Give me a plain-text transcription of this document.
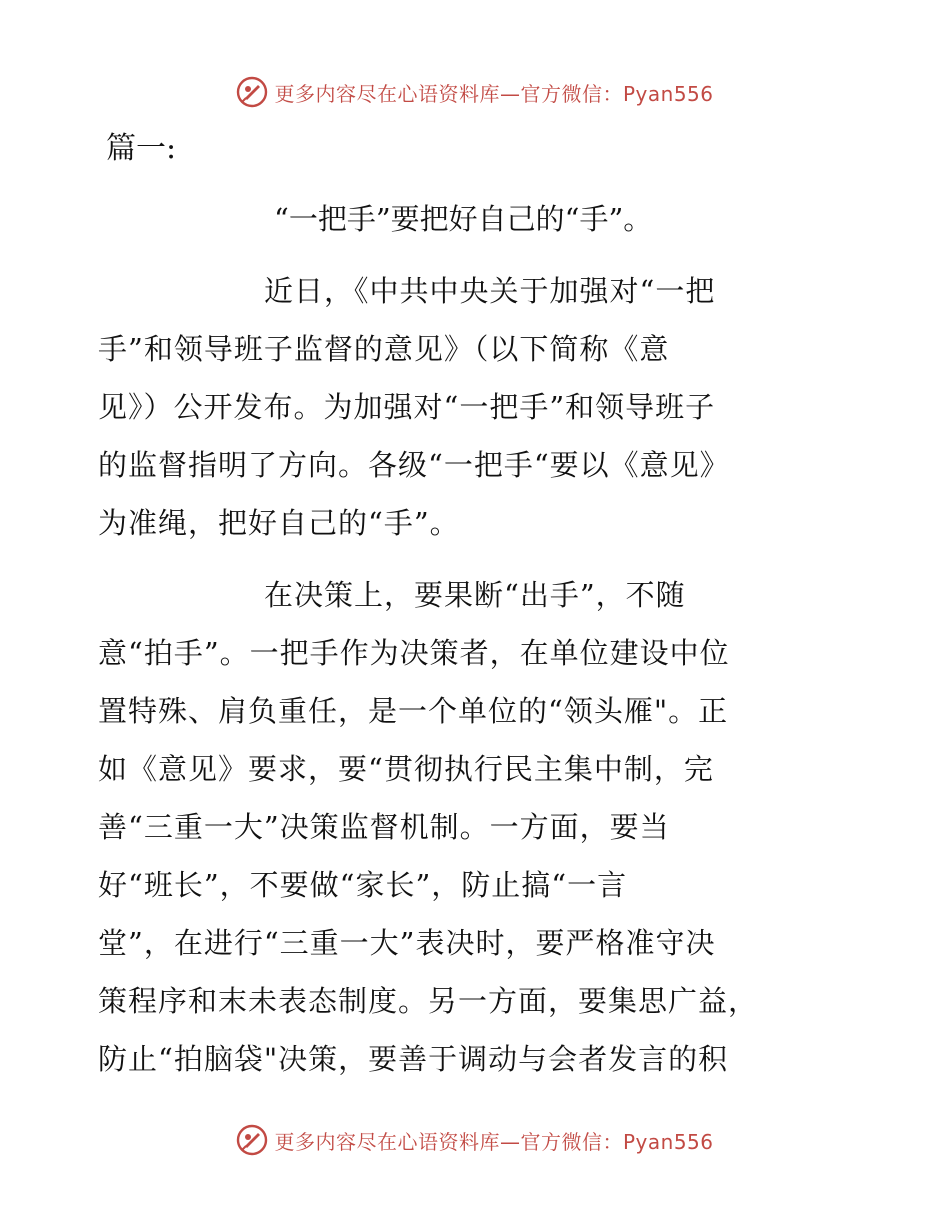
更多内容尽在心语资料库—官方微信：Pyan556
篇一:
“一把手”要把好自己的“手”。
近日，《中共中央关于加强对“一把
手”和领导班子监督的意见》（以下简称《意
见》）公开发布。为加强对“一把手”和领导班子
的监督指明了方向。各级“一把手“要以《意见》
为准绳，把好自己的“手”。
在决策上，要果断“出手”，不随
意“拍手”。一把手作为决策者，在单位建设中位
置特殊、肩负重任，是一个单位的“领头雁"。正
如《意见》要求，要“贯彻执行民主集中制，完
善“三重一大”决策监督机制。一方面，要当
好“班长”，不要做“家长”，防止搞“一言
堂”，在进行“三重一大”表决时，要严格准守决
策程序和末未表态制度。另一方面，要集思广益，
防止“拍脑袋"决策，要善于调动与会者发言的积
更多内容尽在心语资料库—官方微信：Pyan556
